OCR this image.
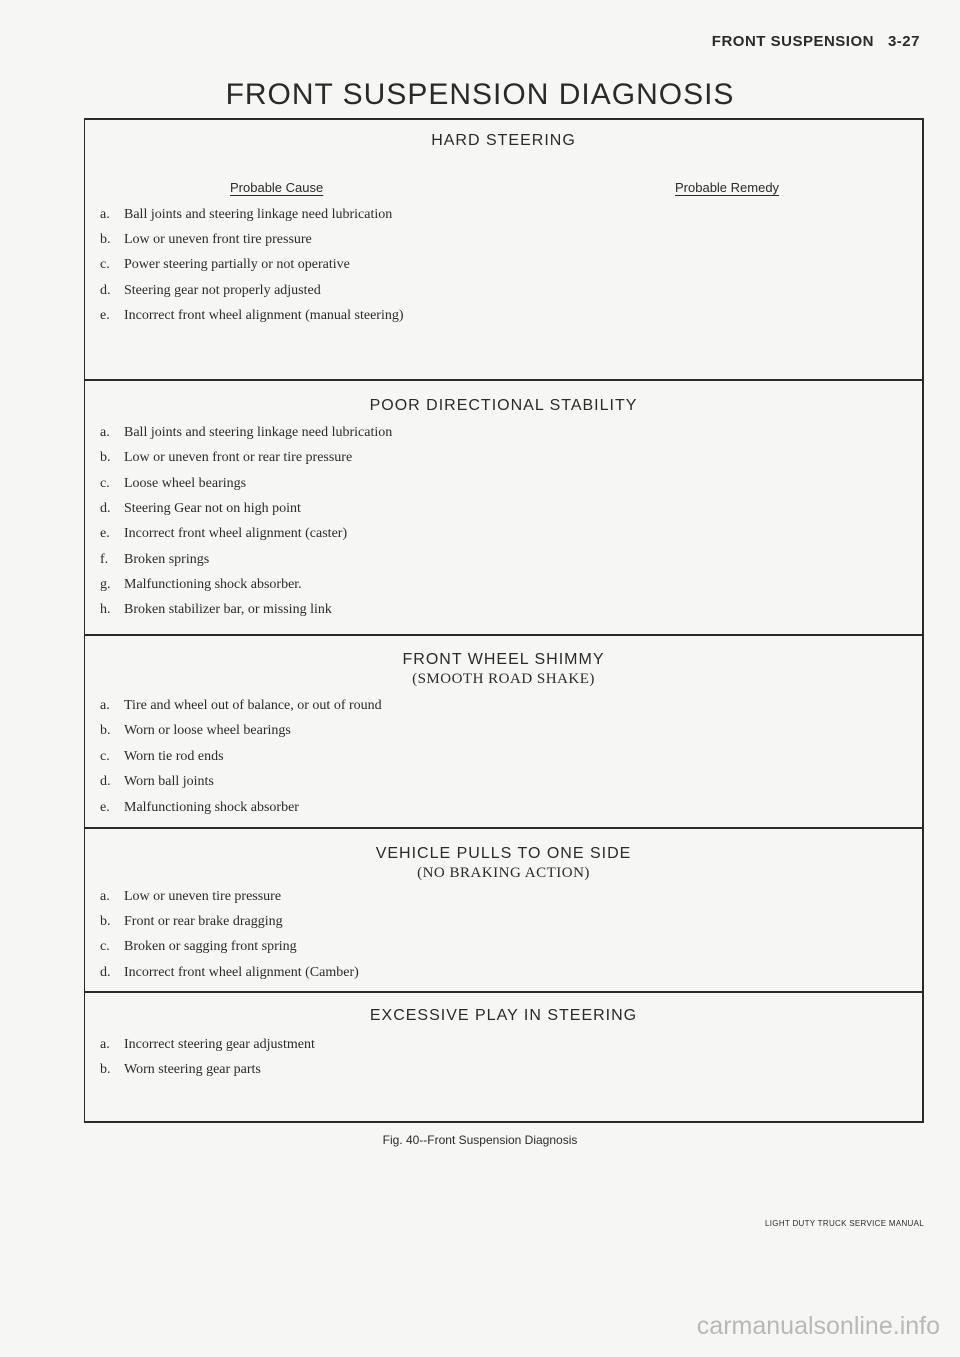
FRONT SUSPENSION 3-27
FRONT SUSPENSION DIAGNOSIS
HARD STEERING
Probable Cause	Probable Remedy
a. Ball joints and steering linkage need lubrication
b. Low or uneven front tire pressure
c. Power steering partially or not operative
d. Steering gear not properly adjusted
e. Incorrect front wheel alignment (manual steering)
POOR DIRECTIONAL STABILITY
a. Ball joints and steering linkage need lubrication
b. Low or uneven front or rear tire pressure
c. Loose wheel bearings
d. Steering Gear not on high point
e. Incorrect front wheel alignment (caster)
f. Broken springs
g. Malfunctioning shock absorber.
h. Broken stabilizer bar, or missing link
FRONT WHEEL SHIMMY
(SMOOTH ROAD SHAKE)
a. Tire and wheel out of balance, or out of round
b. Worn or loose wheel bearings
c. Worn tie rod ends
d. Worn ball joints
e. Malfunctioning shock absorber
VEHICLE PULLS TO ONE SIDE
(NO BRAKING ACTION)
a. Low or uneven tire pressure
b. Front or rear brake dragging
c. Broken or sagging front spring
d. Incorrect front wheel alignment (Camber)
EXCESSIVE PLAY IN STEERING
a. Incorrect steering gear adjustment
b. Worn steering gear parts
Fig. 40--Front Suspension Diagnosis
LIGHT DUTY TRUCK SERVICE MANUAL
carmanualsonline.info
